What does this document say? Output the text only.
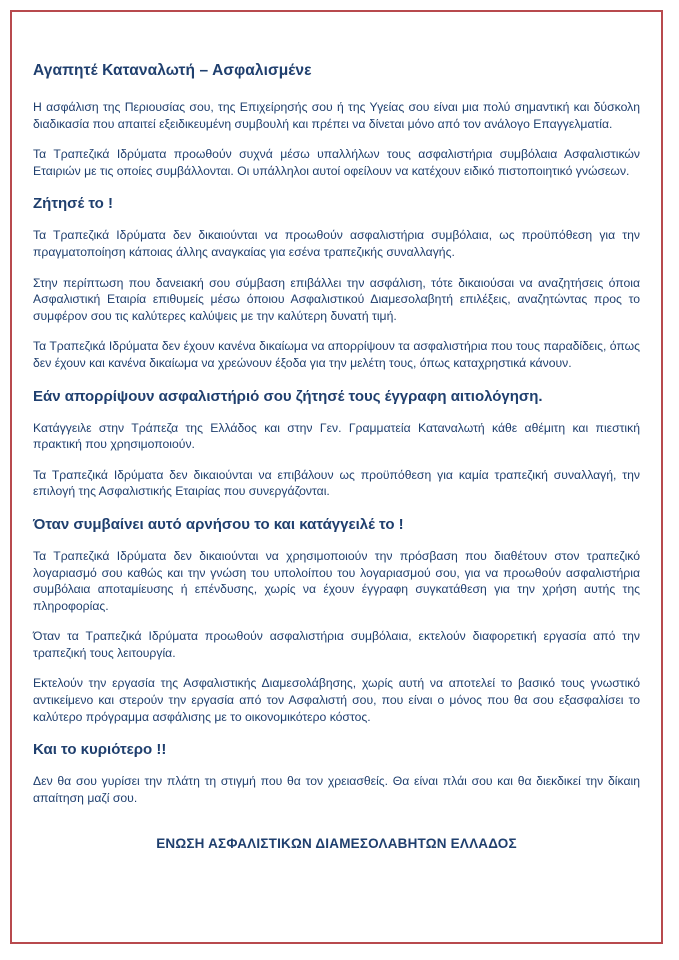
Αγαπητέ Καταναλωτή – Ασφαλισμένε

Η ασφάλιση της Περιουσίας σου, της Επιχείρησής σου ή της Υγείας σου είναι μια πολύ σημαντική και δύσκολη διαδικασία που απαιτεί εξειδικευμένη συμβουλή και πρέπει να δίνεται μόνο από τον ανάλογο Επαγγελματία.

Τα Τραπεζικά Ιδρύματα προωθούν συχνά μέσω υπαλλήλων τους ασφαλιστήρια συμβόλαια Ασφαλιστικών Εταιριών με τις οποίες συμβάλλονται. Οι υπάλληλοι αυτοί οφείλουν να κατέχουν ειδικό πιστοποιητικό γνώσεων.

Ζήτησέ το !

Τα Τραπεζικά Ιδρύματα δεν δικαιούνται να προωθούν ασφαλιστήρια συμβόλαια, ως προϋπόθεση για την πραγματοποίηση κάποιας άλλης αναγκαίας για εσένα τραπεζικής συναλλαγής.

Στην περίπτωση που δανειακή σου σύμβαση επιβάλλει την ασφάλιση, τότε δικαιούσαι να αναζητήσεις όποια Ασφαλιστική Εταιρία επιθυμείς μέσω όποιου Ασφαλιστικού Διαμεσολαβητή επιλέξεις, αναζητώντας προς το συμφέρον σου τις καλύτερες καλύψεις με την καλύτερη δυνατή τιμή.

Τα Τραπεζικά Ιδρύματα δεν έχουν κανένα δικαίωμα να απορρίψουν τα ασφαλιστήρια που τους παραδίδεις, όπως δεν έχουν και κανένα δικαίωμα να χρεώνουν έξοδα για την μελέτη τους, όπως καταχρηστικά κάνουν.

Εάν απορρίψουν ασφαλιστήριό σου ζήτησέ τους έγγραφη αιτιολόγηση.

Κατάγγειλε στην Τράπεζα της Ελλάδος και στην Γεν. Γραμματεία Καταναλωτή κάθε αθέμιτη και πιεστική πρακτική που χρησιμοποιούν.

Τα Τραπεζικά Ιδρύματα δεν δικαιούνται να επιβάλουν ως προϋπόθεση για καμία τραπεζική συναλλαγή, την επιλογή της Ασφαλιστικής Εταιρίας που συνεργάζονται.

Όταν συμβαίνει αυτό αρνήσου το και κατάγγειλέ το !

Τα Τραπεζικά Ιδρύματα δεν δικαιούνται να χρησιμοποιούν την πρόσβαση που διαθέτουν στον τραπεζικό λογαριασμό σου καθώς και την γνώση του υπολοίπου του λογαριασμού σου, για να προωθούν ασφαλιστήρια συμβόλαια αποταμίευσης ή επένδυσης, χωρίς να έχουν έγγραφη συγκατάθεση για την χρήση αυτής της πληροφορίας.

Όταν τα Τραπεζικά Ιδρύματα προωθούν ασφαλιστήρια συμβόλαια, εκτελούν διαφορετική εργασία από την τραπεζική τους λειτουργία.

Εκτελούν την εργασία της Ασφαλιστικής Διαμεσολάβησης, χωρίς αυτή να αποτελεί το βασικό τους γνωστικό αντικείμενο και στερούν την εργασία από τον Ασφαλιστή σου, που είναι ο μόνος που θα σου εξασφαλίσει το καλύτερο πρόγραμμα ασφάλισης με το οικονομικότερο κόστος.

Και το κυριότερο !!

Δεν θα σου γυρίσει την πλάτη τη στιγμή που θα τον χρειασθείς. Θα είναι πλάι σου και θα διεκδικεί την δίκαιη απαίτηση μαζί σου.

ΕΝΩΣΗ ΑΣΦΑΛΙΣΤΙΚΩΝ ΔΙΑΜΕΣΟΛΑΒΗΤΩΝ ΕΛΛΑΔΟΣ
